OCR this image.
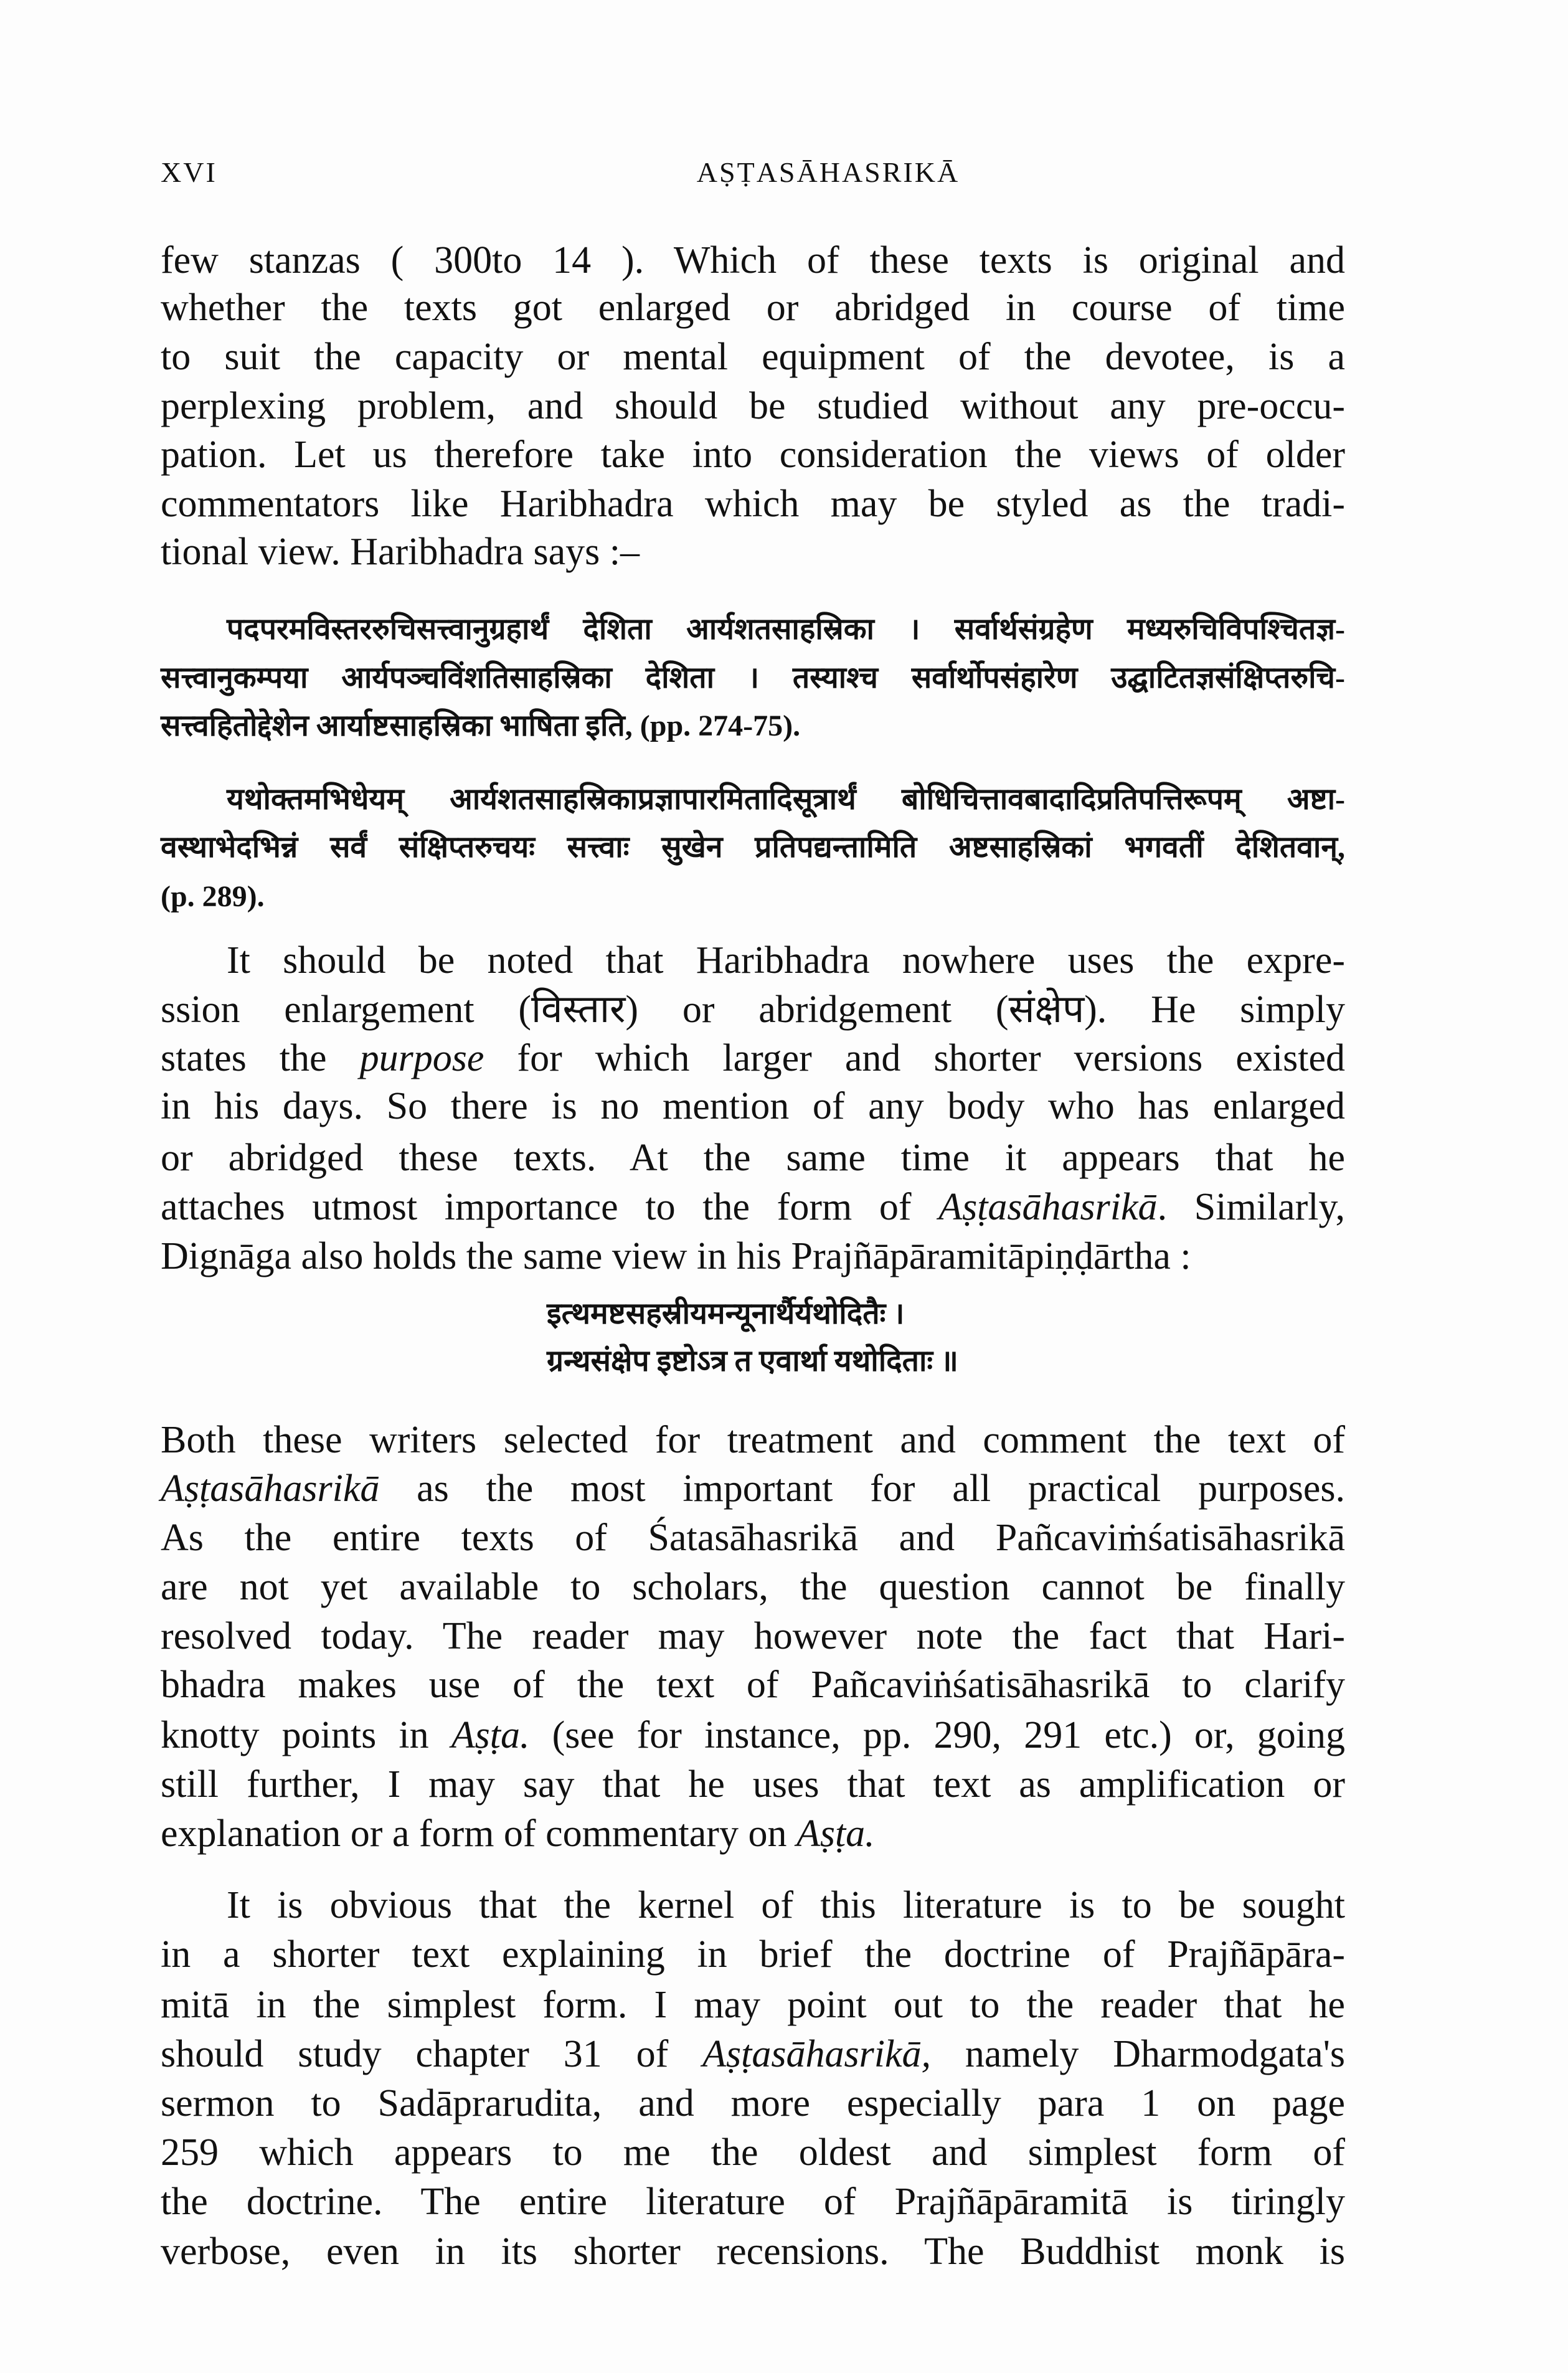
XVI	AṢṬASĀHASRIKĀ
few stanzas ( 300to 14 ). Which of these texts is original and
whether the texts got enlarged or abridged in course of time
to suit the capacity or mental equipment of the devotee, is a
perplexing problem, and should be studied without any pre-occu-
pation. Let us therefore take into consideration the views of older
commentators like Haribhadra which may be styled as the tradi-
tional view. Haribhadra says :–
पदपरमविस्तररुचिसत्त्वानुग्रहार्थं देशिता आर्यशतसाहस्रिका । सर्वार्थसंग्रहेण मध्यरुचिविपश्चितज्ञ-
सत्त्वानुकम्पया आर्यपञ्चविंशतिसाहस्रिका देशिता । तस्याश्च सर्वार्थोपसंहारेण उद्घाटितज्ञसंक्षिप्तरुचि-
सत्त्वहितोद्देशेन आर्याष्टसाहस्रिका भाषिता इति, (pp. 274-75).
यथोक्तमभिधेयम् आर्यशतसाहस्रिकाप्रज्ञापारमितादिसूत्रार्थं बोधिचित्तावबादादिप्रतिपत्तिरूपम् अष्टा-
वस्थाभेदभिन्नं सर्वं संक्षिप्तरुचयः सत्त्वाः सुखेन प्रतिपद्यन्तामिति अष्टसाहस्रिकां भगवतीं देशितवान्,
(p. 289).
It should be noted that Haribhadra nowhere uses the expre-
ssion enlargement (विस्तार) or abridgement (संक्षेप). He simply
states the purpose for which larger and shorter versions existed
in his days. So there is no mention of any body who has enlarged
or abridged these texts. At the same time it appears that he
attaches utmost importance to the form of Aṣṭasāhasrikā. Similarly,
Dignāga also holds the same view in his Prajñāpāramitāpiṇḍārtha :
इत्थमष्टसहस्रीयमन्यूनार्थैर्यथोदितैः ।
ग्रन्थसंक्षेप इष्टोऽत्र त एवार्था यथोदिताः ॥
Both these writers selected for treatment and comment the text of
Aṣṭasāhasrikā as the most important for all practical purposes.
As the entire texts of Śatasāhasrikā and Pañcaviṁśatisāhasrikā
are not yet available to scholars, the question cannot be finally
resolved today. The reader may however note the fact that Hari-
bhadra makes use of the text of Pañcaviṅśatisāhasrikā to clarify
knotty points in Aṣṭa. (see for instance, pp. 290, 291 etc.) or, going
still further, I may say that he uses that text as amplification or
explanation or a form of commentary on Aṣṭa.
It is obvious that the kernel of this literature is to be sought
in a shorter text explaining in brief the doctrine of Prajñāpāra-
mitā in the simplest form. I may point out to the reader that he
should study chapter 31 of Aṣṭasāhasrikā, namely Dharmodgata's
sermon to Sadāprarudita, and more especially para 1 on page
259 which appears to me the oldest and simplest form of
the doctrine. The entire literature of Prajñāpāramitā is tiringly
verbose, even in its shorter recensions. The Buddhist monk is
